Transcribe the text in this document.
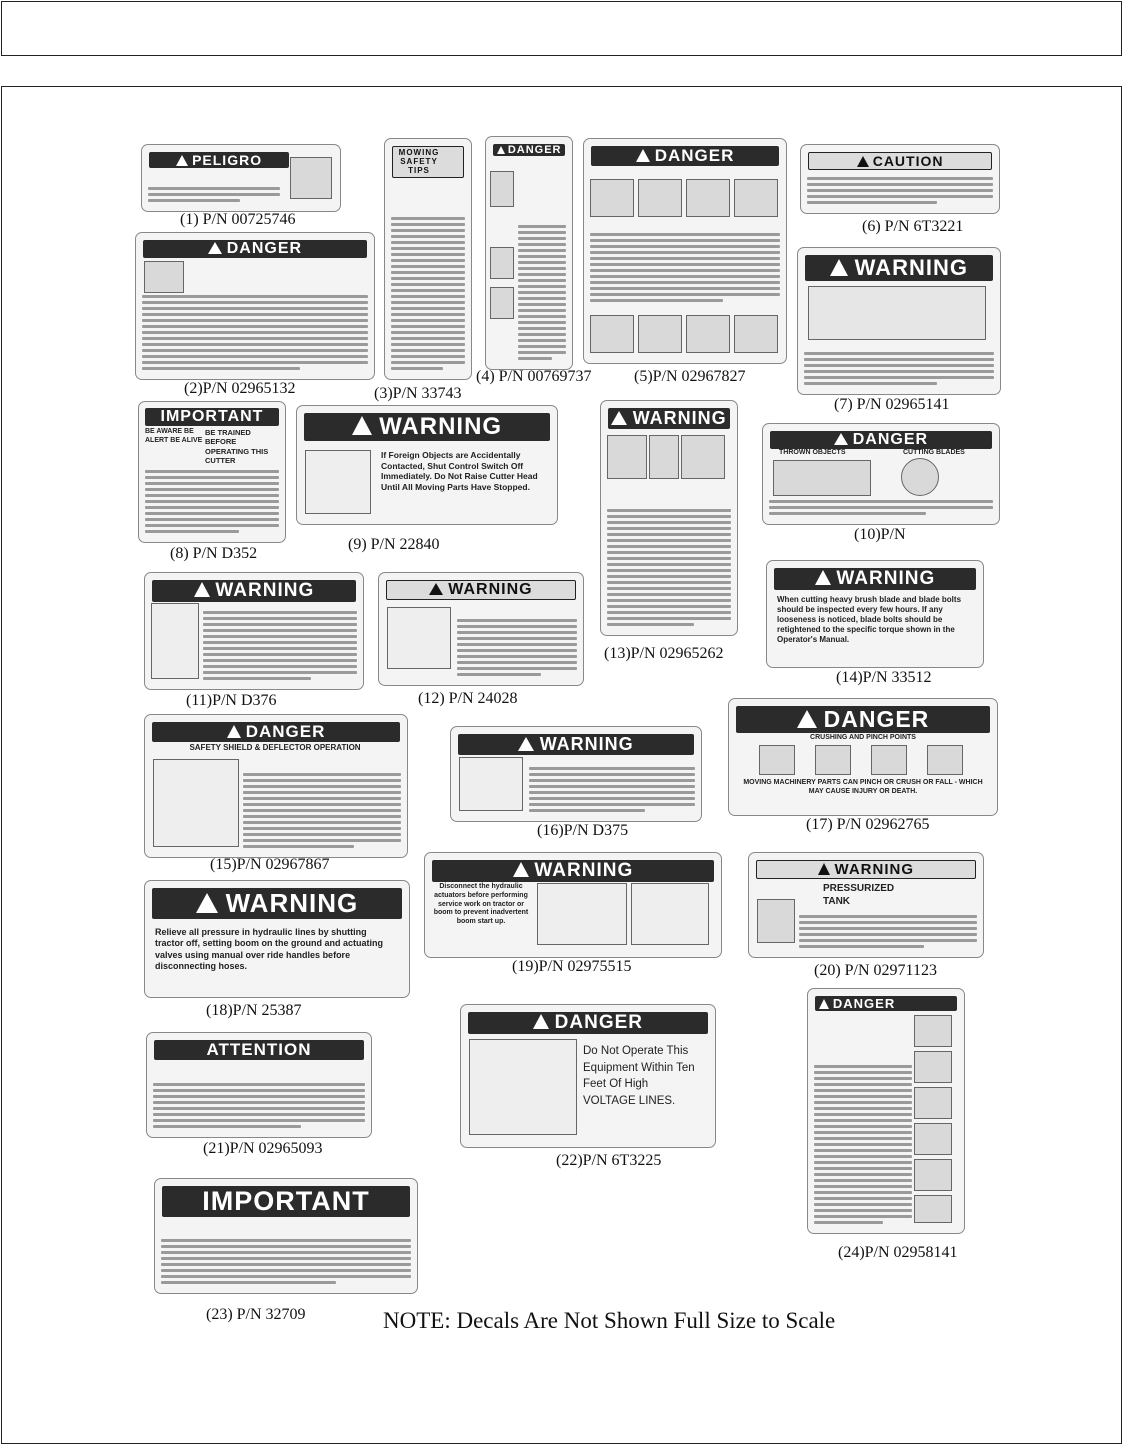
PELIGRO
(1) P/N 00725746
DANGER
(2)P/N 02965132
MOWING SAFETY TIPS
(3)P/N 33743
DANGER
(4) P/N 00769737
DANGER
(5)P/N 02967827
CAUTION
(6) P/N 6T3221
WARNING
(7) P/N 02965141
IMPORTANT
BE AWARE BE ALERT BE ALIVE
BE TRAINED BEFORE OPERATING THIS CUTTER
(8) P/N D352
WARNING
If Foreign Objects are Accidentally Contacted, Shut Control Switch Off Immediately. Do Not Raise Cutter Head Until All Moving Parts Have Stopped.
(9) P/N 22840
DANGER
THROWN OBJECTS	CUTTING BLADES
(10)P/N
WARNING
(11)P/N D376
WARNING
(12) P/N 24028
WARNING
(13)P/N 02965262
WARNING
When cutting heavy brush blade and blade bolts should be inspected every few hours. If any looseness is noticed, blade bolts should be retightened to the specific torque shown in the Operator's Manual.
(14)P/N 33512
DANGER
SAFETY SHIELD & DEFLECTOR OPERATION
(15)P/N 02967867
WARNING
(16)P/N D375
DANGER
CRUSHING AND PINCH POINTS
MOVING MACHINERY PARTS CAN PINCH OR CRUSH OR FALL - WHICH MAY CAUSE INJURY OR DEATH.
(17) P/N 02962765
WARNING
Relieve all pressure in hydraulic lines by shutting tractor off, setting boom on the ground and actuating valves using manual over ride handles before disconnecting hoses.
(18)P/N 25387
WARNING
Disconnect the hydraulic actuators before performing service work on tractor or boom to prevent inadvertent boom start up.
(19)P/N 02975515
WARNING
PRESSURIZED TANK
(20) P/N 02971123
ATTENTION
(21)P/N 02965093
DANGER
Do Not Operate This Equipment Within Ten Feet Of High VOLTAGE LINES.
(22)P/N 6T3225
IMPORTANT
(23) P/N 32709
DANGER
(24)P/N 02958141
NOTE: Decals Are Not Shown Full Size to Scale
